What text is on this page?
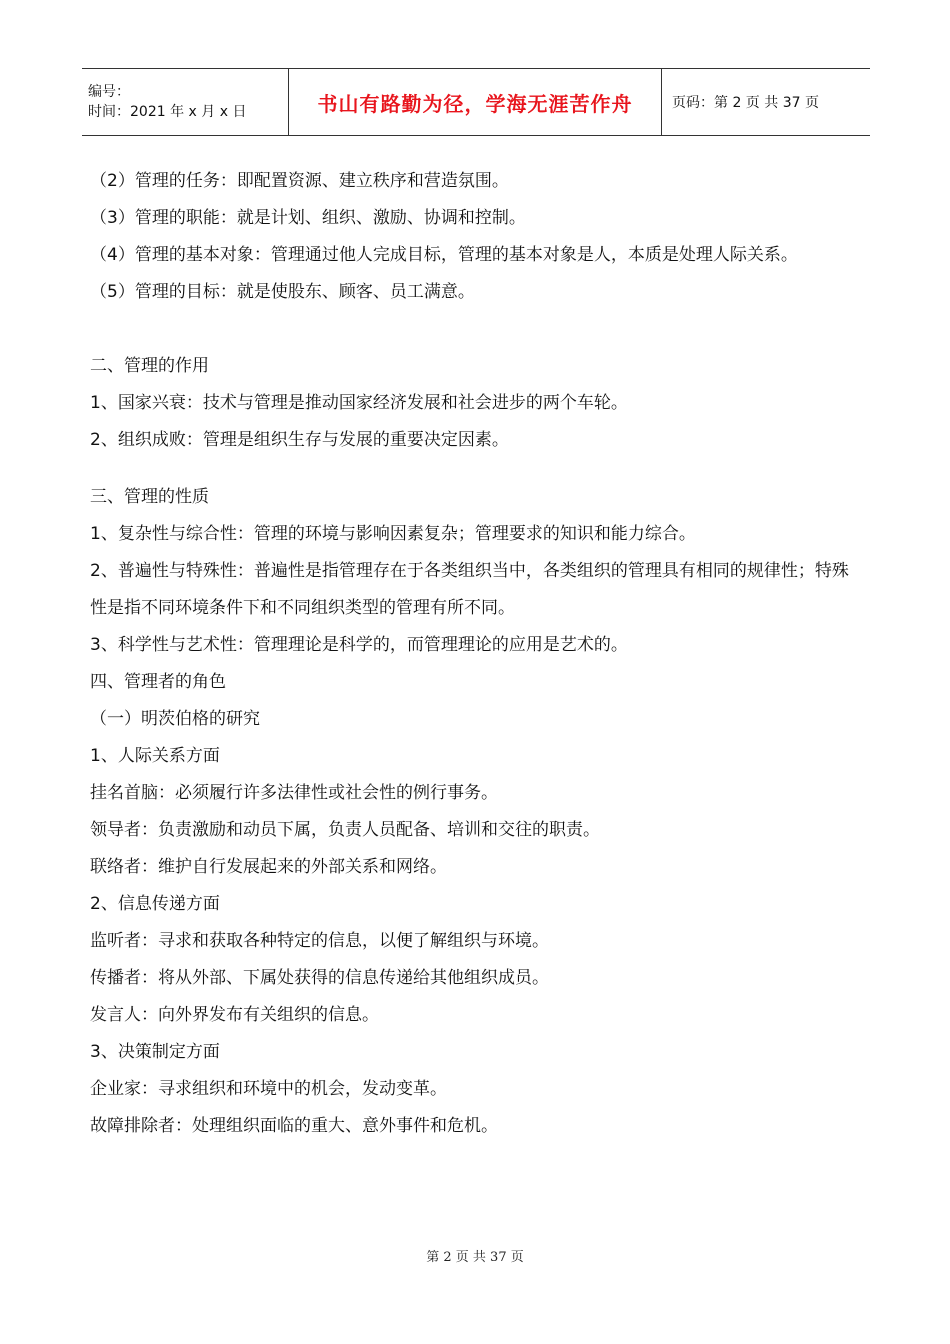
编号：
时间：2021 年 x 月 x 日	书山有路勤为径，学海无涯苦作舟	页码：第 2 页 共 37 页
（2）管理的任务：即配置资源、建立秩序和营造氛围。
（3）管理的职能：就是计划、组织、激励、协调和控制。
（4）管理的基本对象：管理通过他人完成目标，管理的基本对象是人，本质是处理人际关系。
（5）管理的目标：就是使股东、顾客、员工满意。
二、管理的作用
1、国家兴衰：技术与管理是推动国家经济发展和社会进步的两个车轮。
2、组织成败：管理是组织生存与发展的重要决定因素。
三、管理的性质
1、复杂性与综合性：管理的环境与影响因素复杂；管理要求的知识和能力综合。
2、普遍性与特殊性：普遍性是指管理存在于各类组织当中，各类组织的管理具有相同的规律性；特殊性是指不同环境条件下和不同组织类型的管理有所不同。
3、科学性与艺术性：管理理论是科学的，而管理理论的应用是艺术的。
四、管理者的角色
（一）明茨伯格的研究
1、人际关系方面
挂名首脑：必须履行许多法律性或社会性的例行事务。
领导者：负责激励和动员下属，负责人员配备、培训和交往的职责。
联络者：维护自行发展起来的外部关系和网络。
2、信息传递方面
监听者：寻求和获取各种特定的信息，以便了解组织与环境。
传播者：将从外部、下属处获得的信息传递给其他组织成员。
发言人：向外界发布有关组织的信息。
3、决策制定方面
企业家：寻求组织和环境中的机会，发动变革。
故障排除者：处理组织面临的重大、意外事件和危机。
第 2 页 共 37 页
